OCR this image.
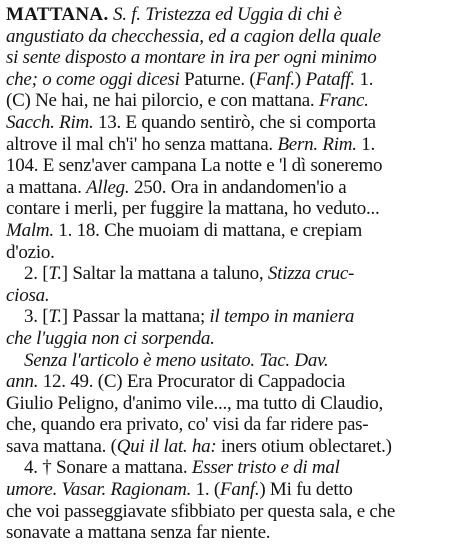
MATTANA. S. f. Tristezza ed Uggia di chi è
angustiato da checchessia, ed a cagion della quale
si sente disposto a montare in ira per ogni minimo
che; o come oggi dicesi Paturne. (Fanf.) Pataff. 1.
(C) Ne hai, ne hai pilorcio, e con mattana. Franc.
Sacch. Rim. 13. E quando sentirò, che si comporta
altrove il mal ch'i' ho senza mattana. Bern. Rim. 1.
104. E senz'aver campana La notte e 'l dì soneremo
a mattana. Alleg. 250. Ora in andandomen'io a
contare i merli, per fuggire la mattana, ho veduto...
Malm. 1. 18. Che muoiam di mattana, e crepiam
d'ozio.
2. [T.] Saltar la mattana a taluno, Stizza cruc-
ciosa.
3. [T.] Passar la mattana; il tempo in maniera
che l'uggia non ci sorpenda.
Senza l'articolo è meno usitato. Tac. Dav.
ann. 12. 49. (C) Era Procurator di Cappadocia
Giulio Peligno, d'animo vile..., ma tutto di Claudio,
che, quando era privato, co' visi da far ridere pas-
sava mattana. (Qui il lat. ha: iners otium oblectaret.)
4. † Sonare a mattana. Esser tristo e di mal
umore. Vasar. Ragionam. 1. (Fanf.) Mi fu detto
che voi passeggiavate sfibbiato per questa sala, e che
sonavate a mattana senza far niente.
